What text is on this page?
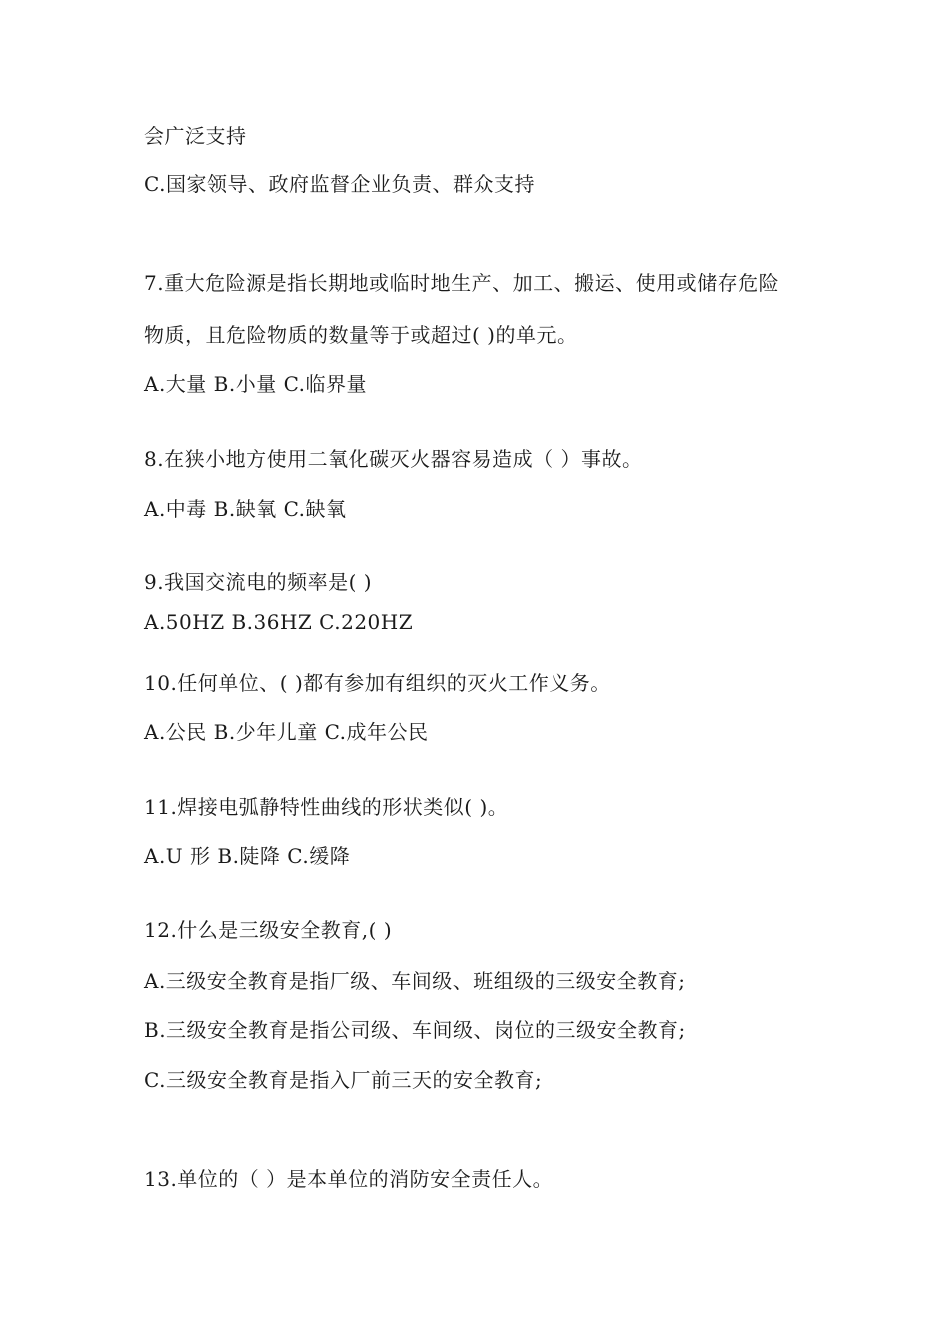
会广泛支持
C.国家领导、政府监督企业负责、群众支持
7.重大危险源是指长期地或临时地生产、加工、搬运、使用或储存危险
物质，且危险物质的数量等于或超过( )的单元。
A.大量 B.小量 C.临界量
8.在狭小地方使用二氧化碳灭火器容易造成（ ）事故。
A.中毒 B.缺氧 C.缺氧
9.我国交流电的频率是( )
A.50HZ B.36HZ C.220HZ
10.任何单位、( )都有参加有组织的灭火工作义务。
A.公民 B.少年儿童 C.成年公民
11.焊接电弧静特性曲线的形状类似( )。
A.U 形 B.陡降 C.缓降
12.什么是三级安全教育,( )
A.三级安全教育是指厂级、车间级、班组级的三级安全教育;
B.三级安全教育是指公司级、车间级、岗位的三级安全教育;
C.三级安全教育是指入厂前三天的安全教育;
13.单位的（ ）是本单位的消防安全责任人。
